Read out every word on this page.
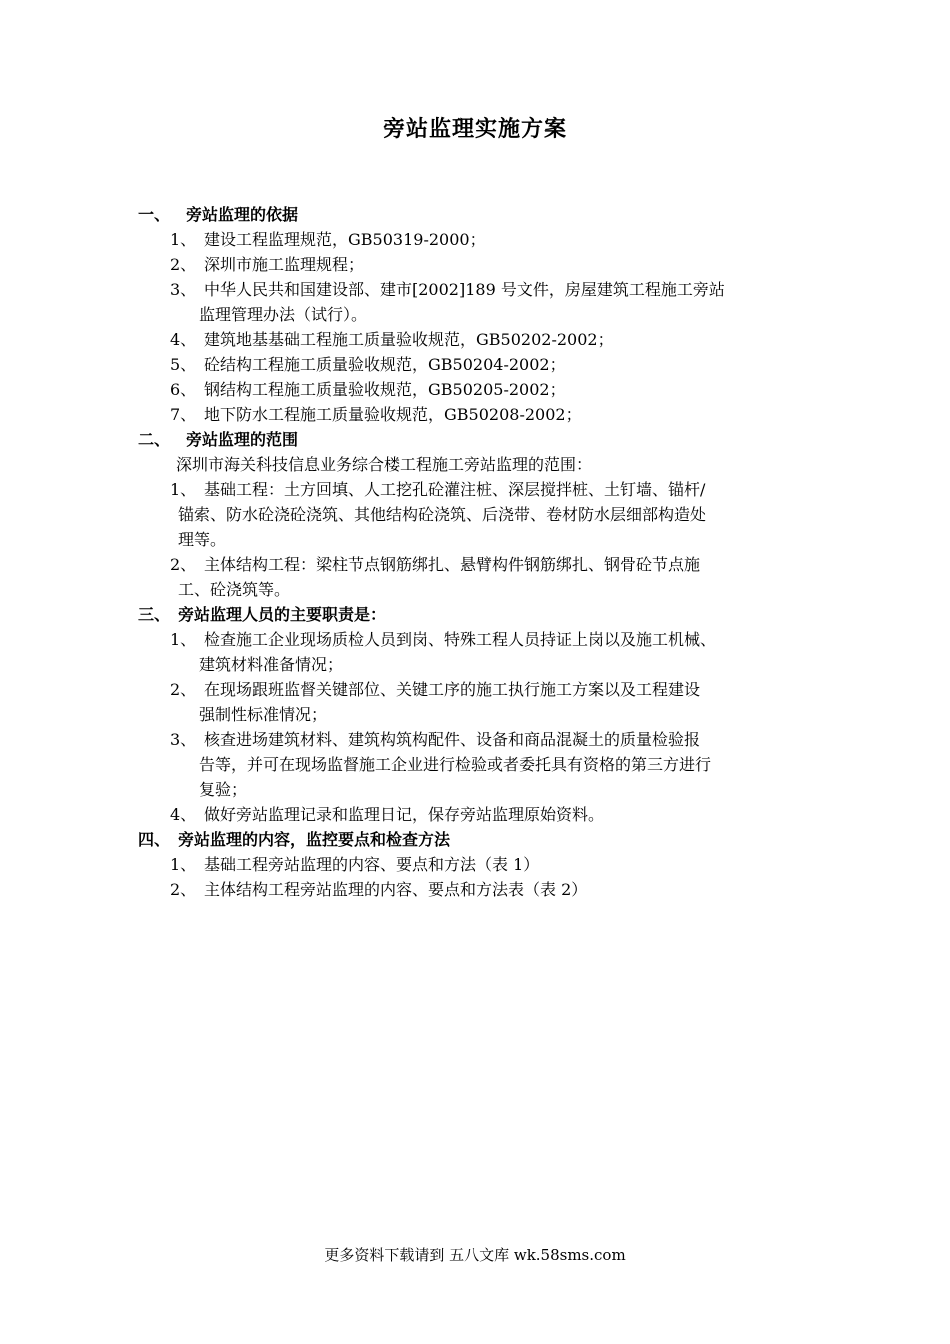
旁站监理实施方案
一、 旁站监理的依据
1、 建设工程监理规范，GB50319-2000；
2、 深圳市施工监理规程；
3、 中华人民共和国建设部、建市[2002]189 号文件，房屋建筑工程施工旁站
监理管理办法（试行）。
4、 建筑地基基础工程施工质量验收规范，GB50202-2002；
5、 砼结构工程施工质量验收规范，GB50204-2002；
6、 钢结构工程施工质量验收规范，GB50205-2002；
7、 地下防水工程施工质量验收规范，GB50208-2002；
二、 旁站监理的范围
深圳市海关科技信息业务综合楼工程施工旁站监理的范围：
1、 基础工程：土方回填、人工挖孔砼灌注桩、深层搅拌桩、土钉墙、锚杆/
锚索、防水砼浇砼浇筑、其他结构砼浇筑、后浇带、卷材防水层细部构造处
理等。
2、 主体结构工程：梁柱节点钢筋绑扎、悬臂构件钢筋绑扎、钢骨砼节点施
工、砼浇筑等。
三、 旁站监理人员的主要职责是：
1、 检查施工企业现场质检人员到岗、特殊工程人员持证上岗以及施工机械、
建筑材料准备情况；
2、 在现场跟班监督关键部位、关键工序的施工执行施工方案以及工程建设
强制性标准情况；
3、 核查进场建筑材料、建筑构筑构配件、设备和商品混凝土的质量检验报
告等，并可在现场监督施工企业进行检验或者委托具有资格的第三方进行
复验；
4、 做好旁站监理记录和监理日记，保存旁站监理原始资料。
四、 旁站监理的内容，监控要点和检查方法
1、 基础工程旁站监理的内容、要点和方法（表 1）
2、 主体结构工程旁站监理的内容、要点和方法表（表 2）
更多资料下载请到 五八文库 wk.58sms.com
